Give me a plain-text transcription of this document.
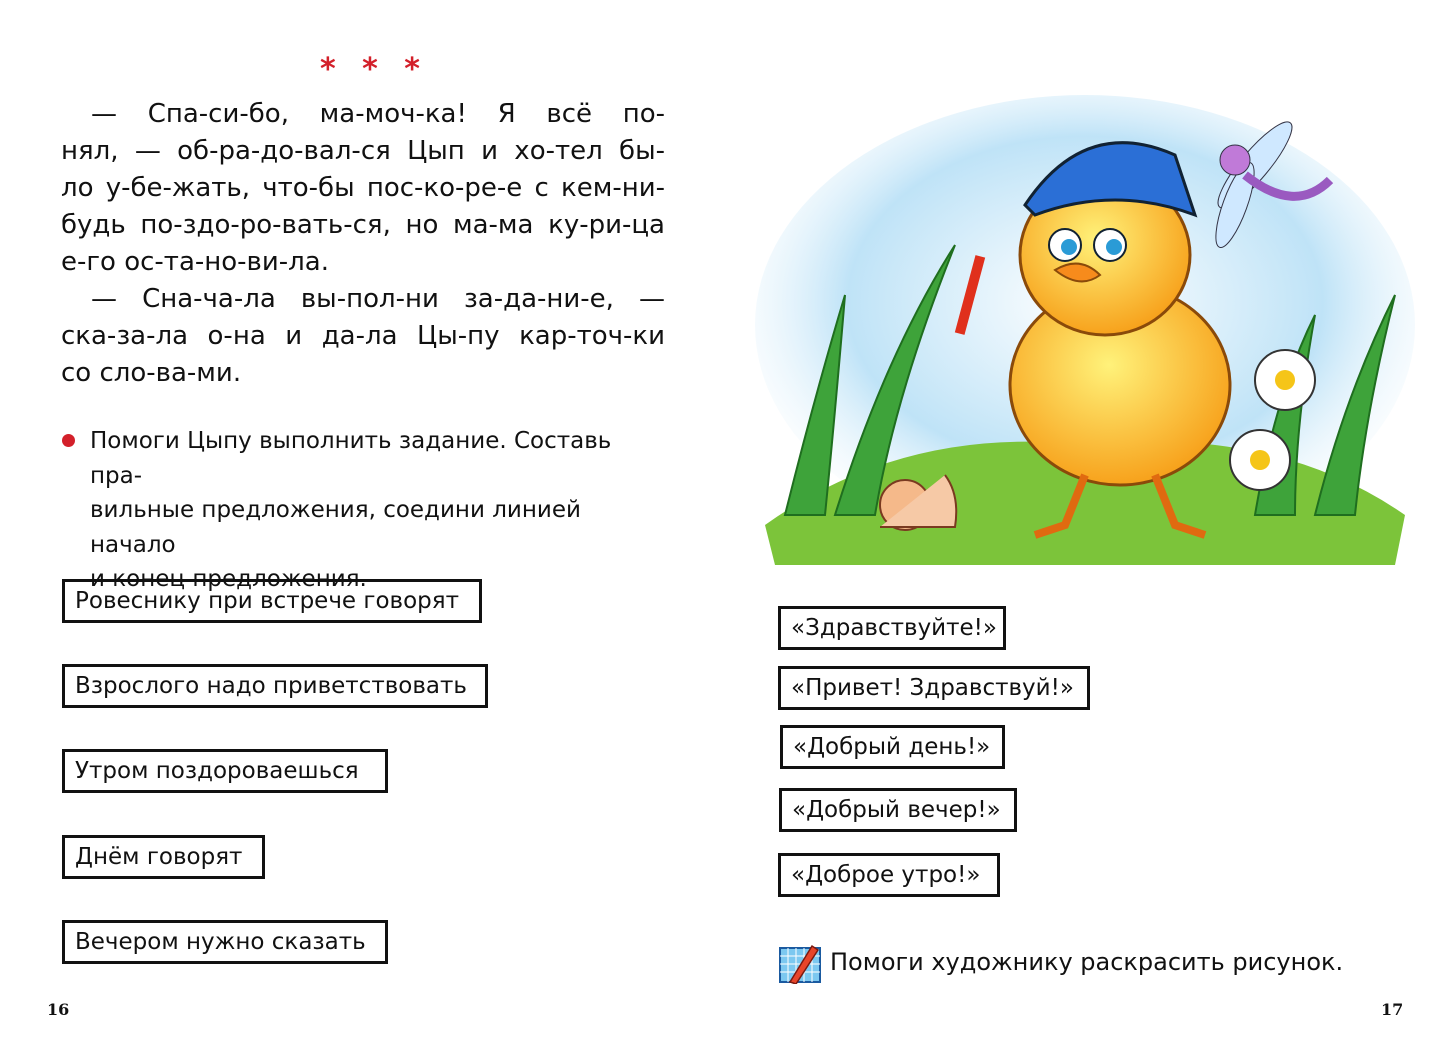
* * *
— Спа-си-бо, ма-моч-ка! Я всё по-
нял, — об-ра-до-вал-ся Цып и хо-тел бы-
ло у-бе-жать, что-бы пос-ко-ре-е с кем-ни-
будь по-здо-ро-вать-ся, но ма-ма ку-ри-ца
е-го ос-та-но-ви-ла.
— Сна-ча-ла вы-пол-ни за-да-ни-е, —
ска-за-ла о-на и да-ла Цы-пу кар-точ-ки
со сло-ва-ми.
Помоги Цыпу выполнить задание. Составь пра-
вильные предложения, соедини линией начало
и конец предложения.
Ровеснику при встрече говорят
Взрослого надо приветствовать
Утром поздороваешься
Днём говорят
Вечером нужно сказать
16
«Здравствуйте!»
«Привет! Здравствуй!»
«Добрый день!»
«Добрый вечер!»
«Доброе утро!»
Помоги художнику раскрасить рисунок.
17
